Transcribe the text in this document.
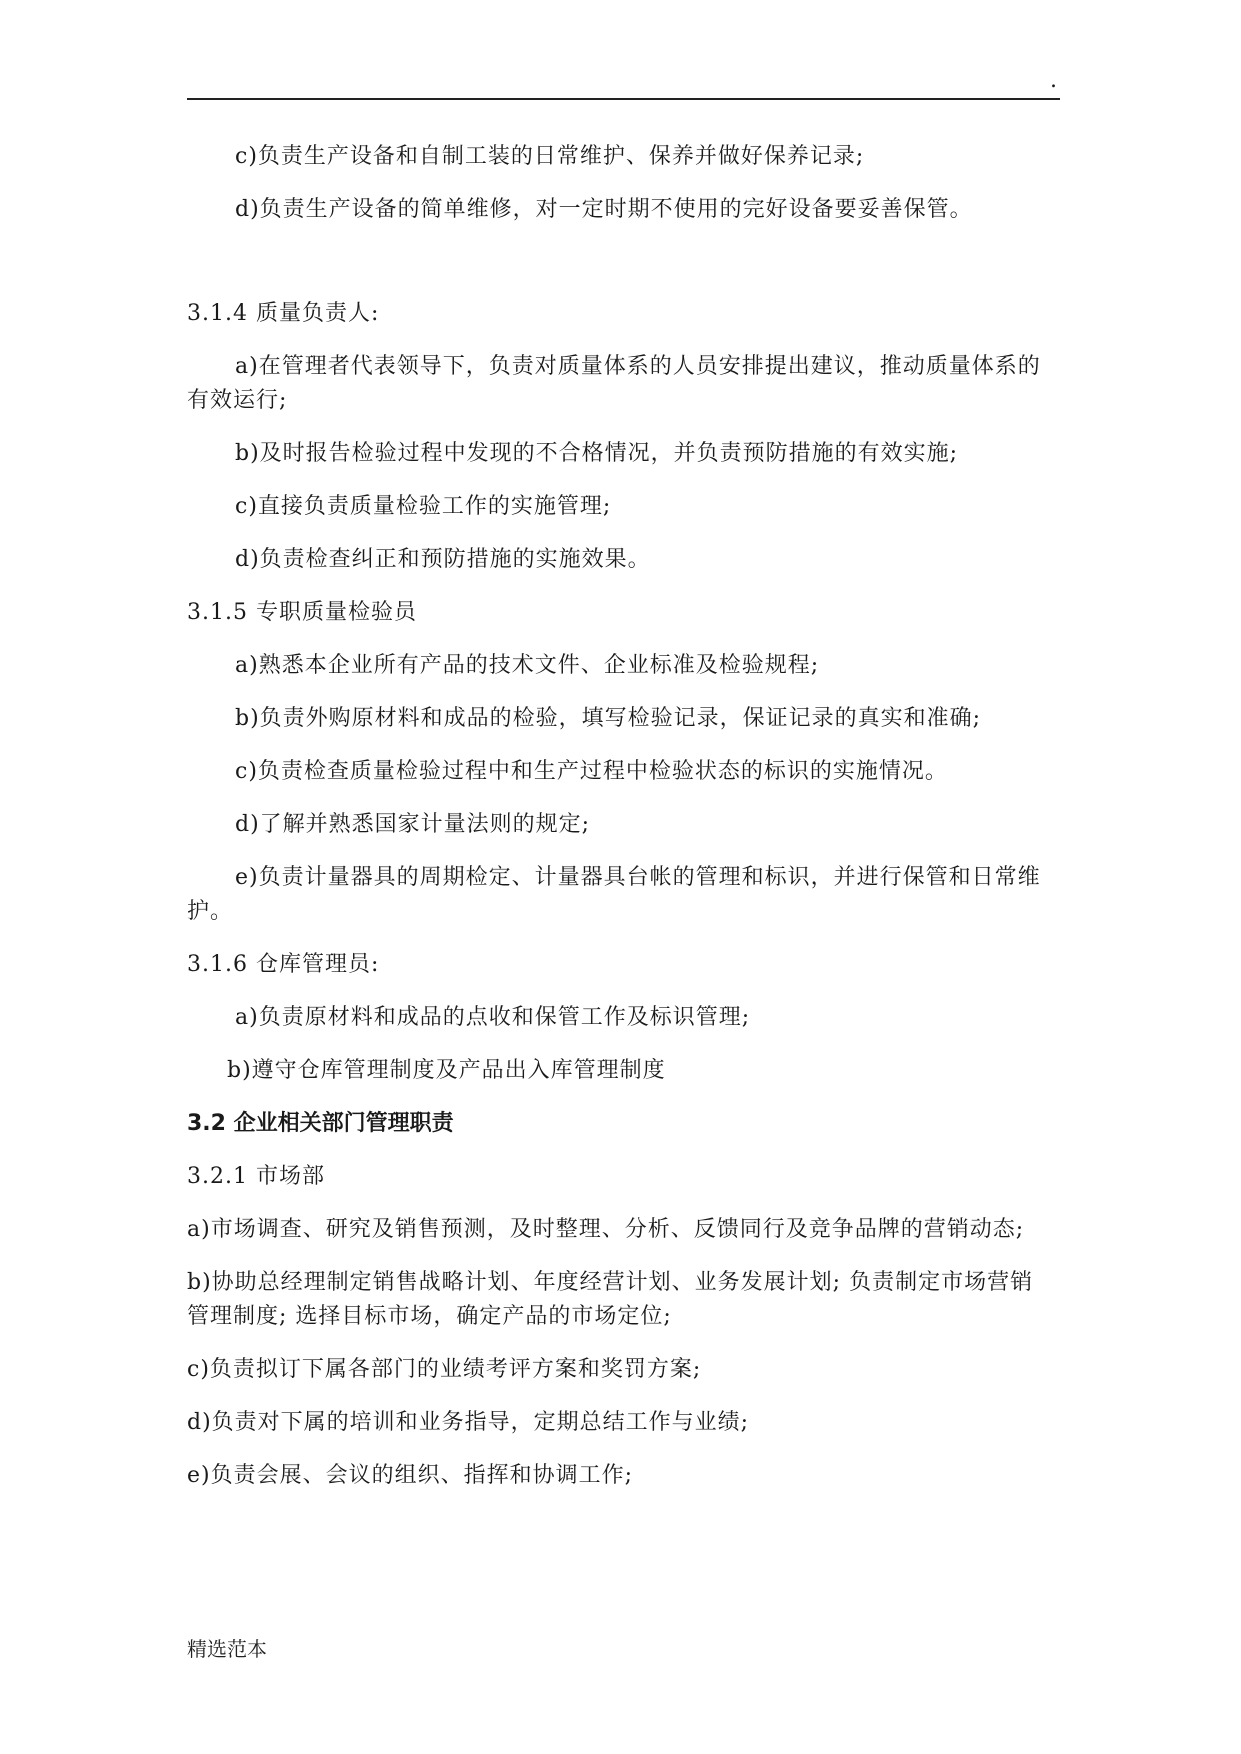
.

c)负责生产设备和自制工装的日常维护、保养并做好保养记录;

d)负责生产设备的简单维修，对一定时期不使用的完好设备要妥善保管。

3.1.4 质量负责人:

a)在管理者代表领导下，负责对质量体系的人员安排提出建议，推动质量体系的有效运行;

b)及时报告检验过程中发现的不合格情况，并负责预防措施的有效实施;

c)直接负责质量检验工作的实施管理;

d)负责检查纠正和预防措施的实施效果。

3.1.5 专职质量检验员

a)熟悉本企业所有产品的技术文件、企业标准及检验规程;

b)负责外购原材料和成品的检验，填写检验记录，保证记录的真实和准确;

c)负责检查质量检验过程中和生产过程中检验状态的标识的实施情况。

d)了解并熟悉国家计量法则的规定;

e)负责计量器具的周期检定、计量器具台帐的管理和标识，并进行保管和日常维护。

3.1.6 仓库管理员:

a)负责原材料和成品的点收和保管工作及标识管理;

b)遵守仓库管理制度及产品出入库管理制度

3.2 企业相关部门管理职责

3.2.1 市场部

a)市场调查、研究及销售预测，及时整理、分析、反馈同行及竞争品牌的营销动态;

b)协助总经理制定销售战略计划、年度经营计划、业务发展计划; 负责制定市场营销管理制度; 选择目标市场，确定产品的市场定位;

c)负责拟订下属各部门的业绩考评方案和奖罚方案;

d)负责对下属的培训和业务指导，定期总结工作与业绩;

e)负责会展、会议的组织、指挥和协调工作;

精选范本
